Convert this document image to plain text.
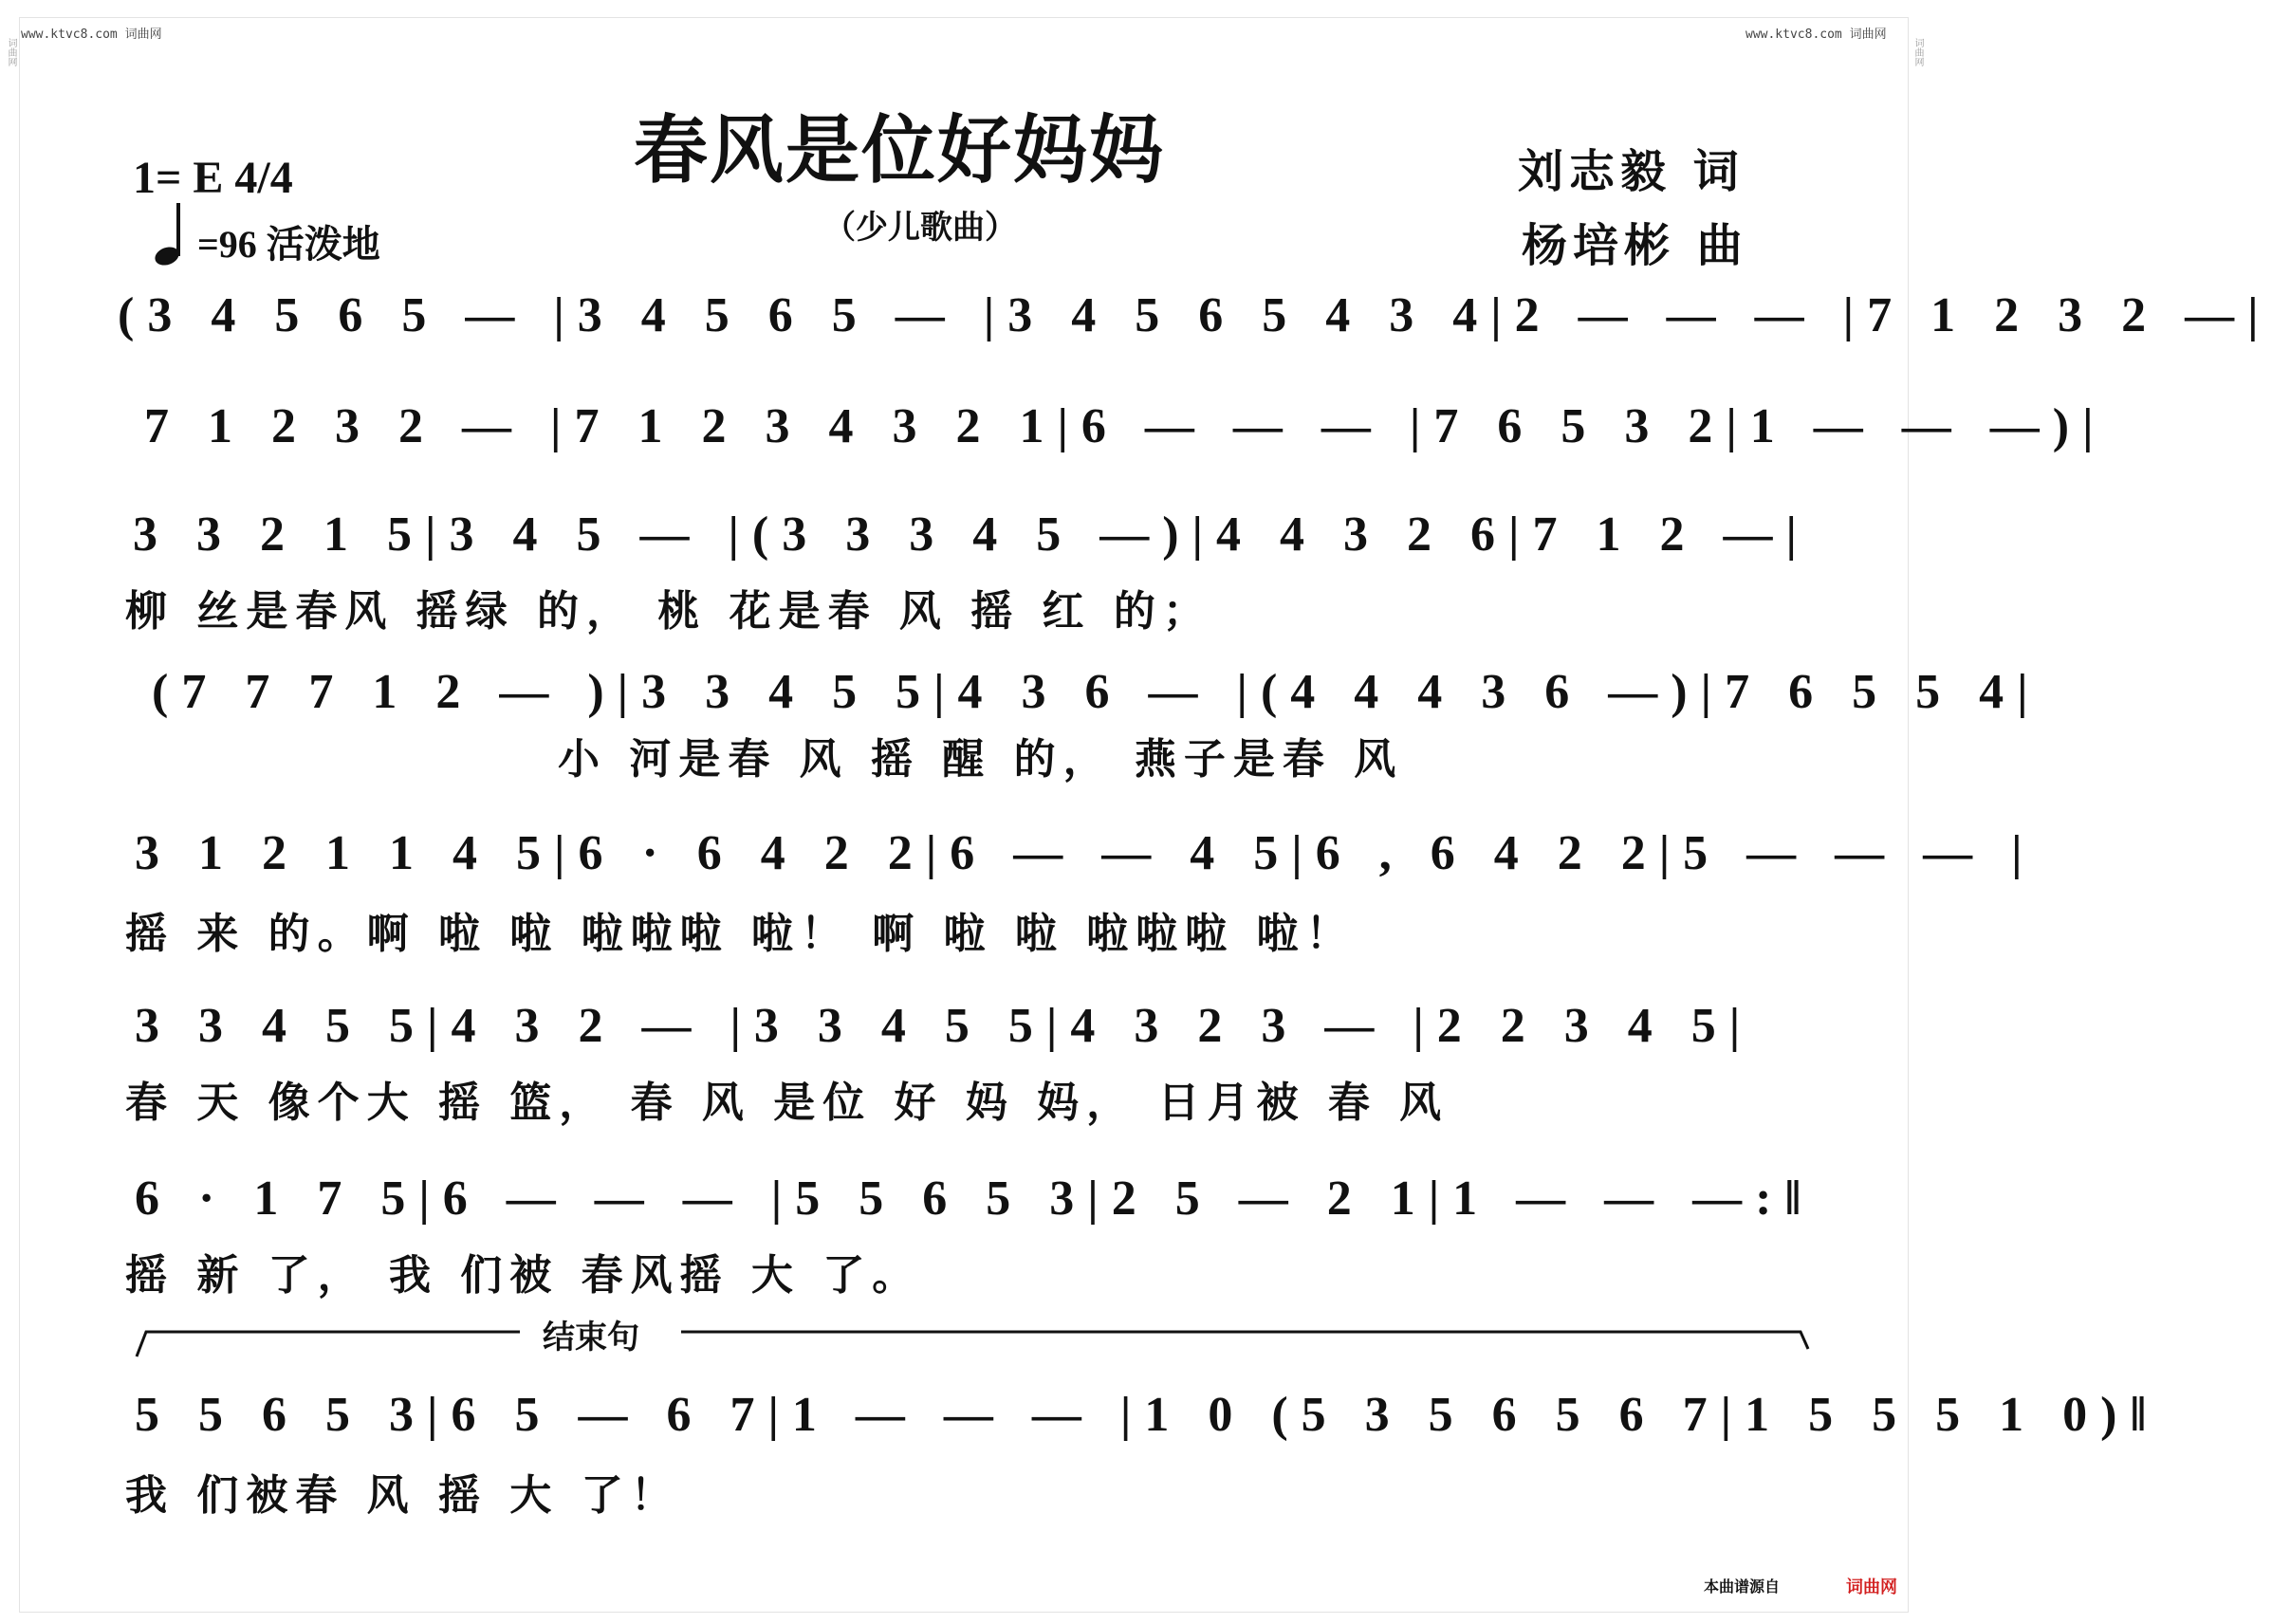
www.ktvc8.com 词曲网	www.ktvc8.com 词曲网
词曲网	词曲网
春风是位好妈妈
（少儿歌曲）
1= E 4/4
=96 活泼地
刘志毅 词
杨培彬 曲
(3 4 5 6 5 — |3 4 5 6 5 — |3 4 5 6 5 4 3 4|2 — — — |7 1 2 3 2 —|
7 1 2 3 2 — |7 1 2 3 4 3 2 1|6 — — — |7 6 5 3 2|1 — — —)|
3 3 2 1 5|3 4 5 — |(3 3 3 4 5 —)|4 4 3 2 6|7 1 2 —|
柳 丝是春风 摇绿 的， 桃 花是春 风 摇 红 的；
(7 7 7 1 2 — )|3 3 4 5 5|4 3 6 — |(4 4 4 3 6 —)|7 6 5 5 4|
小 河是春 风 摇 醒 的， 燕子是春 风
3 1 2 1 1 4 5|6 · 6 4 2 2|6 — — 4 5|6 , 6 4 2 2|5 — — — |
摇 来 的。啊 啦 啦 啦啦啦 啦！ 啊 啦 啦 啦啦啦 啦！
3 3 4 5 5|4 3 2 — |3 3 4 5 5|4 3 2 3 — |2 2 3 4 5|
春 天 像个大 摇 篮， 春 风 是位 好 妈 妈， 日月被 春 风
6 · 1 7 5|6 — — — |5 5 6 5 3|2 5 — 2 1|1 — — —:‖
摇 新 了， 我 们被 春风摇 大 了。
结束句
5 5 6 5 3|6 5 — 6 7|1 — — — |1 0 (5 3 5 6 5 6 7|1 5 5 5 1 0)‖
我 们被春 风 摇 大 了！
本曲谱源自	词曲网
